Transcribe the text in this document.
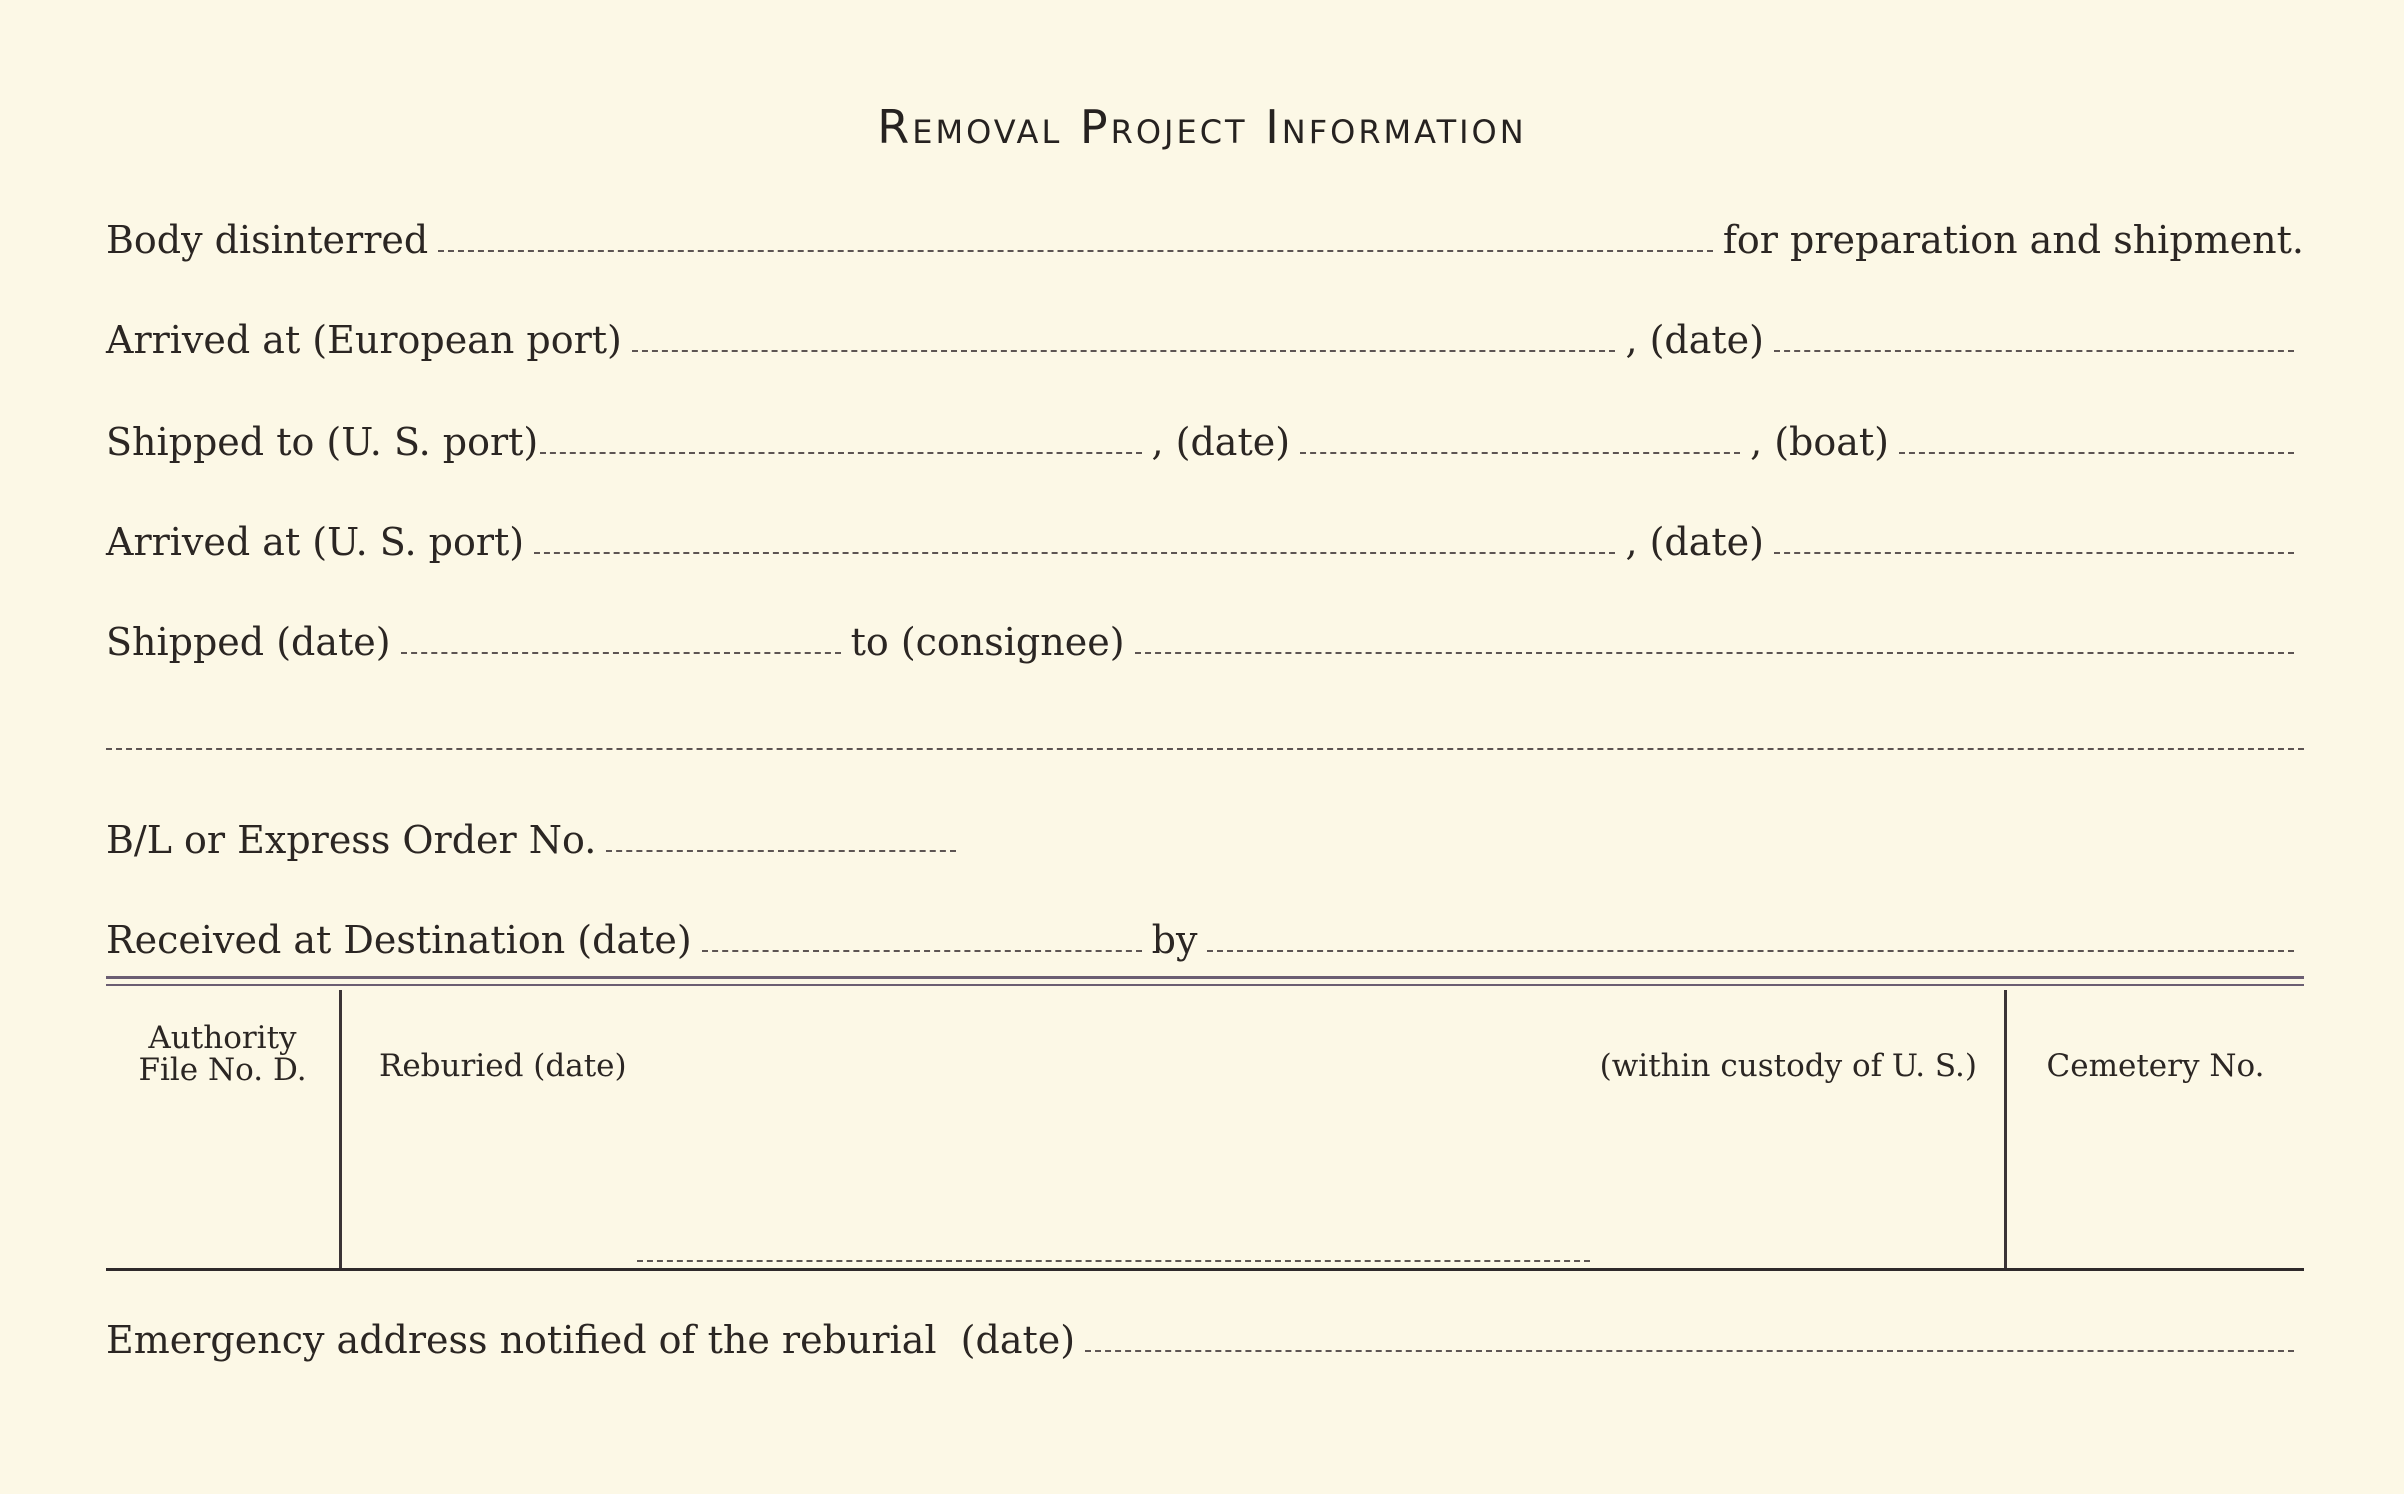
Removal Project Information
Body disinterred	for preparation and shipment.
Arrived at (European port)	, (date)
Shipped to (U. S. port)	, (date)	, (boat)
Arrived at (U. S. port)	, (date)
Shipped (date)	to (consignee)
B/L or Express Order No.
Received at Destination (date)	by
Authority
File No. D.	Reburied (date)	(within custody of U. S.)	Cemetery No.
Emergency address notified of the reburial  (date)
